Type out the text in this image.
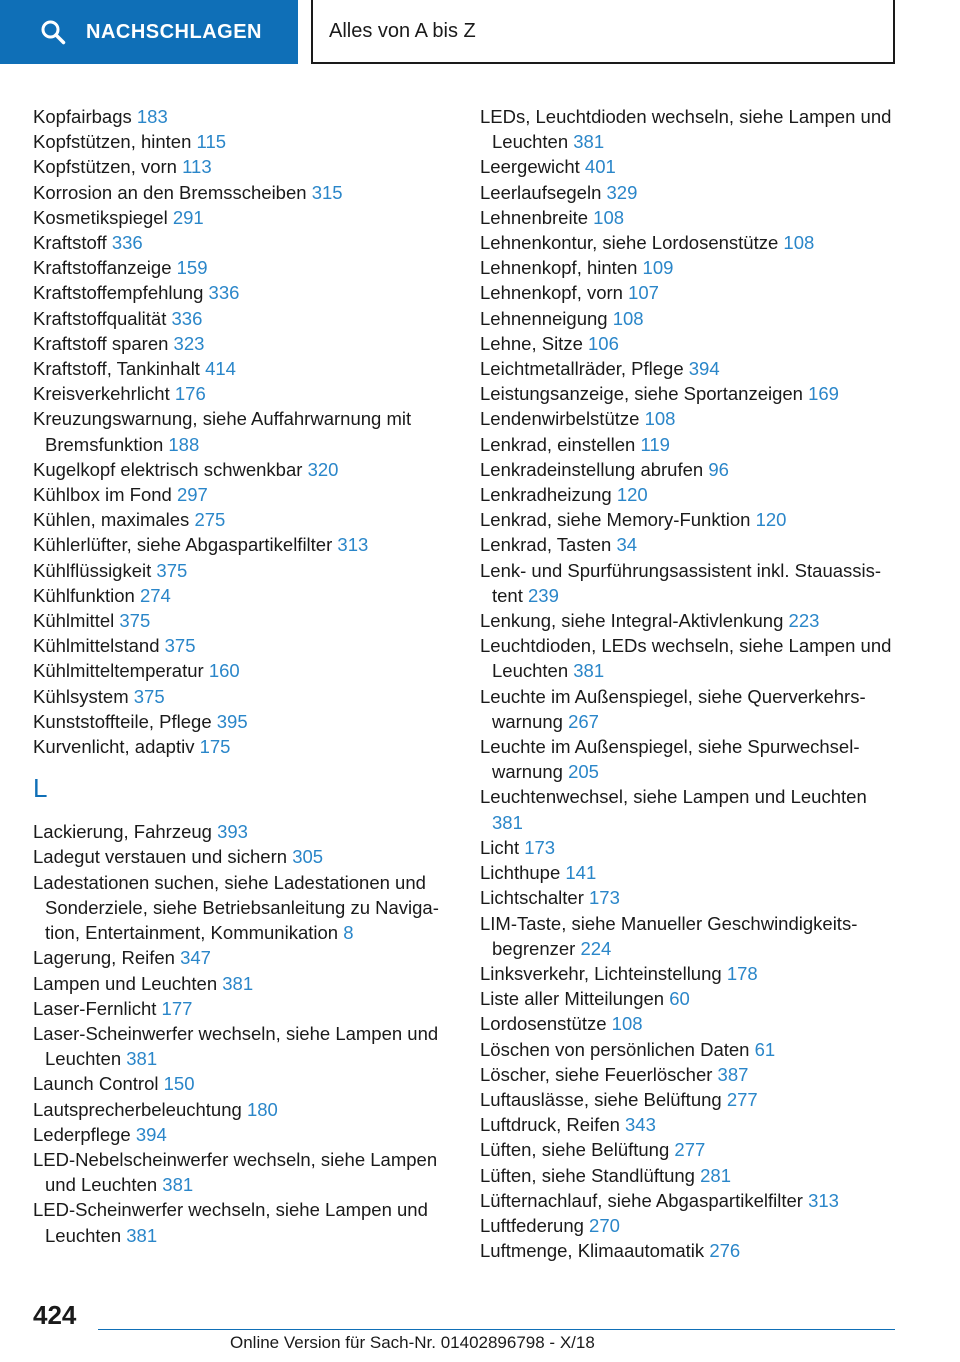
NACHSCHLAGEN	Alles von A bis Z
Kopfairbags 183
Kopfstützen, hinten 115
Kopfstützen, vorn 113
Korrosion an den Bremsscheiben 315
Kosmetikspiegel 291
Kraftstoff 336
Kraftstoffanzeige 159
Kraftstoffempfehlung 336
Kraftstoffqualität 336
Kraftstoff sparen 323
Kraftstoff, Tankinhalt 414
Kreisverkehrlicht 176
Kreuzungswarnung, siehe Auffahrwarnung mit Bremsfunktion 188
Kugelkopf elektrisch schwenkbar 320
Kühlbox im Fond 297
Kühlen, maximales 275
Kühlerlüfter, siehe Abgaspartikelfilter 313
Kühlflüssigkeit 375
Kühlfunktion 274
Kühlmittel 375
Kühlmittelstand 375
Kühlmitteltemperatur 160
Kühlsystem 375
Kunststoffteile, Pflege 395
Kurvenlicht, adaptiv 175
L
Lackierung, Fahrzeug 393
Ladegut verstauen und sichern 305
Ladestationen suchen, siehe Ladestationen und Sonderziele, siehe Betriebsanleitung zu Navigation, Entertainment, Kommunikation 8
Lagerung, Reifen 347
Lampen und Leuchten 381
Laser-Fernlicht 177
Laser-Scheinwerfer wechseln, siehe Lampen und Leuchten 381
Launch Control 150
Lautsprecherbeleuchtung 180
Lederpflege 394
LED-Nebelscheinwerfer wechseln, siehe Lampen und Leuchten 381
LED-Scheinwerfer wechseln, siehe Lampen und Leuchten 381
LEDs, Leuchtdioden wechseln, siehe Lampen und Leuchten 381
Leergewicht 401
Leerlaufsegeln 329
Lehnenbreite 108
Lehnenkontur, siehe Lordosenstütze 108
Lehnenkopf, hinten 109
Lehnenkopf, vorn 107
Lehnenneigung 108
Lehne, Sitze 106
Leichtmetallräder, Pflege 394
Leistungsanzeige, siehe Sportanzeigen 169
Lendenwirbelstütze 108
Lenkrad, einstellen 119
Lenkradeinstellung abrufen 96
Lenkradheizung 120
Lenkrad, siehe Memory-Funktion 120
Lenkrad, Tasten 34
Lenk- und Spurführungsassistent inkl. Stauassistent 239
Lenkung, siehe Integral-Aktivlenkung 223
Leuchtdioden, LEDs wechseln, siehe Lampen und Leuchten 381
Leuchte im Außenspiegel, siehe Querverkehrswarnung 267
Leuchte im Außenspiegel, siehe Spurwechselwarnung 205
Leuchtenwechsel, siehe Lampen und Leuchten 381
Licht 173
Lichthupe 141
Lichtschalter 173
LIM-Taste, siehe Manueller Geschwindigkeitsbegrenzer 224
Linksverkehr, Lichteinstellung 178
Liste aller Mitteilungen 60
Lordosenstütze 108
Löschen von persönlichen Daten 61
Löscher, siehe Feuerlöscher 387
Luftauslässe, siehe Belüftung 277
Luftdruck, Reifen 343
Lüften, siehe Belüftung 277
Lüften, siehe Standlüftung 281
Lüfternachlauf, siehe Abgaspartikelfilter 313
Luftfederung 270
Luftmenge, Klimaautomatik 276
424
Online Version für Sach-Nr. 01402896798 - X/18
